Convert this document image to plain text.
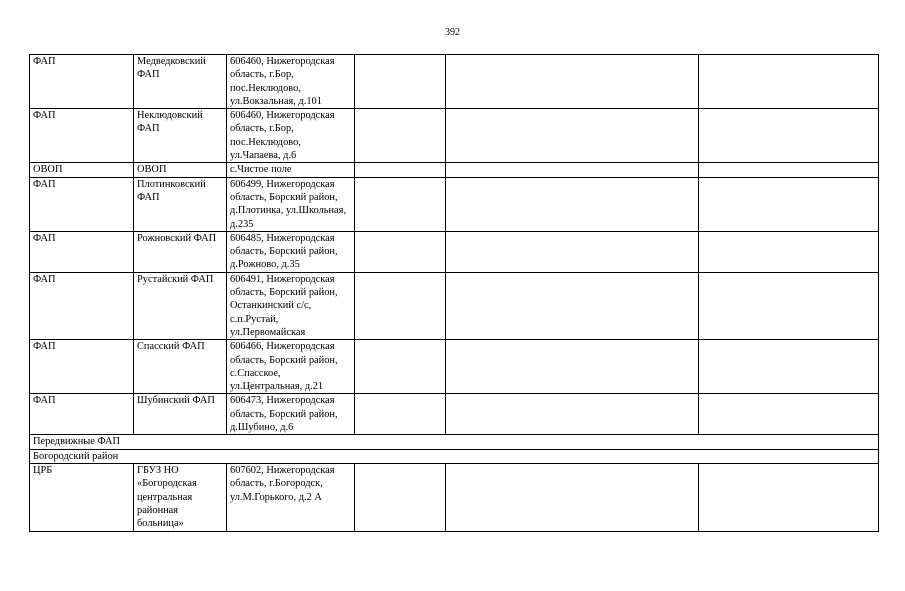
392
ФАП	Медведковский ФАП	606460, Нижегородская область, г.Бор, пос.Неклюдово, ул.Вокзальная, д.101			
ФАП	Неклюдовский ФАП	606460, Нижегородская область, г.Бор, пос.Неклюдово, ул.Чапаева, д.6			
ОВОП	ОВОП	с.Чистое поле			
ФАП	Плотинковский ФАП	606499, Нижегородская область, Борский район, д.Плотинка, ул.Школьная, д.235			
ФАП	Рожновский ФАП	606485, Нижегородская область, Борский район, д.Рожново, д.35			
ФАП	Рустайский ФАП	606491, Нижегородская область, Борский район, Останкинский с/с, с.п.Рустай, ул.Первомайская			
ФАП	Спасский ФАП	606466, Нижегородская область, Борский район, с.Спасское, ул.Центральная, д.21			
ФАП	Шубинский ФАП	606473, Нижегородская область, Борский район, д.Шубино, д.6			
Передвижные ФАП					
Богородский район					
ЦРБ	ГБУЗ НО «Богородская центральная районная больница»	607602, Нижегородская область, г.Богородск, ул.М.Горького, д.2 А			
